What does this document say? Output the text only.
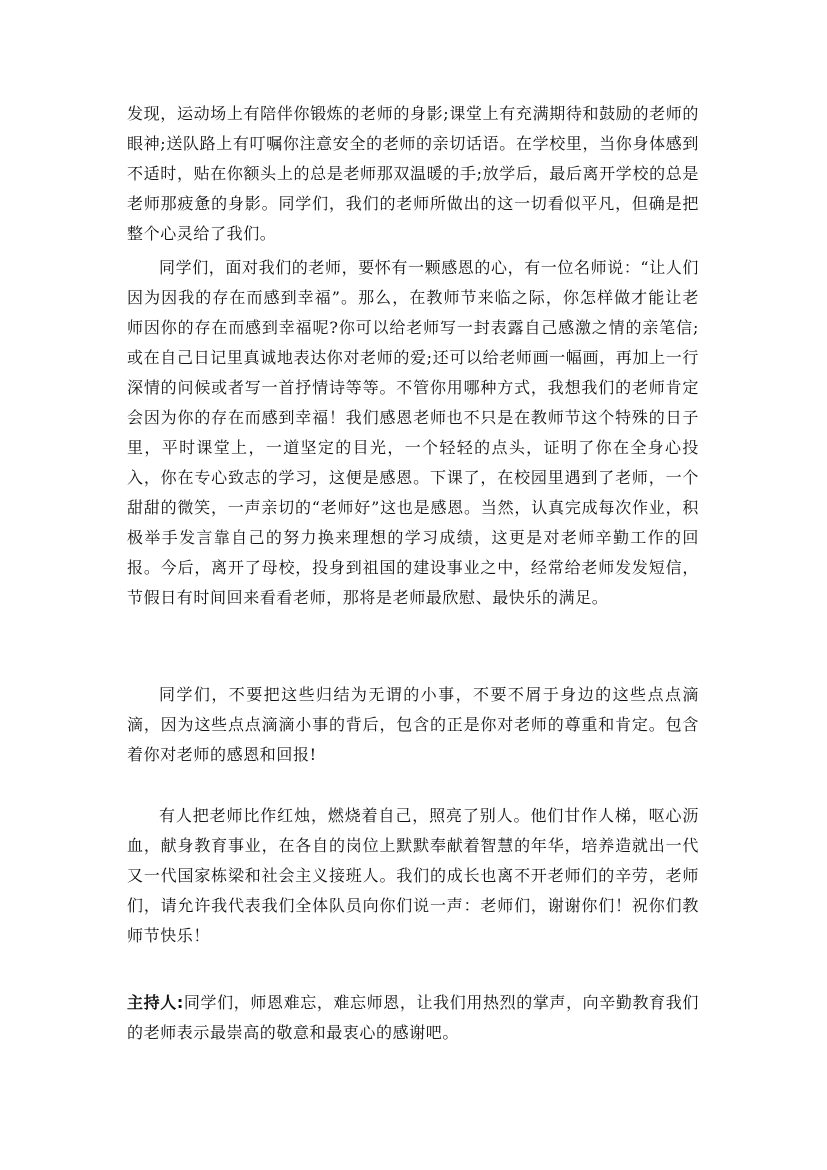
发现，运动场上有陪伴你锻炼的老师的身影;课堂上有充满期待和鼓励的老师的眼神;送队路上有叮嘱你注意安全的老师的亲切话语。在学校里，当你身体感到不适时，贴在你额头上的总是老师那双温暖的手;放学后，最后离开学校的总是老师那疲惫的身影。同学们，我们的老师所做出的这一切看似平凡，但确是把整个心灵给了我们。

同学们，面对我们的老师，要怀有一颗感恩的心，有一位名师说：“让人们因为因我的存在而感到幸福”。那么，在教师节来临之际，你怎样做才能让老师因你的存在而感到幸福呢?你可以给老师写一封表露自己感激之情的亲笔信;或在自己日记里真诚地表达你对老师的爱;还可以给老师画一幅画，再加上一行深情的问候或者写一首抒情诗等等。不管你用哪种方式，我想我们的老师肯定会因为你的存在而感到幸福！我们感恩老师也不只是在教师节这个特殊的日子里，平时课堂上，一道坚定的目光，一个轻轻的点头，证明了你在全身心投入，你在专心致志的学习，这便是感恩。下课了，在校园里遇到了老师，一个甜甜的微笑，一声亲切的“老师好”这也是感恩。当然，认真完成每次作业，积极举手发言靠自己的努力换来理想的学习成绩，这更是对老师辛勤工作的回报。今后，离开了母校，投身到祖国的建设事业之中，经常给老师发发短信，节假日有时间回来看看老师，那将是老师最欣慰、最快乐的满足。

同学们，不要把这些归结为无谓的小事，不要不屑于身边的这些点点滴滴，因为这些点点滴滴小事的背后，包含的正是你对老师的尊重和肯定。包含着你对老师的感恩和回报!

有人把老师比作红烛，燃烧着自己，照亮了别人。他们甘作人梯，呕心沥血，献身教育事业，在各自的岗位上默默奉献着智慧的年华，培养造就出一代又一代国家栋梁和社会主义接班人。我们的成长也离不开老师们的辛劳，老师们，请允许我代表我们全体队员向你们说一声：老师们，谢谢你们！祝你们教师节快乐！

主持人:同学们，师恩难忘，难忘师恩，让我们用热烈的掌声，向辛勤教育我们的老师表示最崇高的敬意和最衷心的感谢吧。
